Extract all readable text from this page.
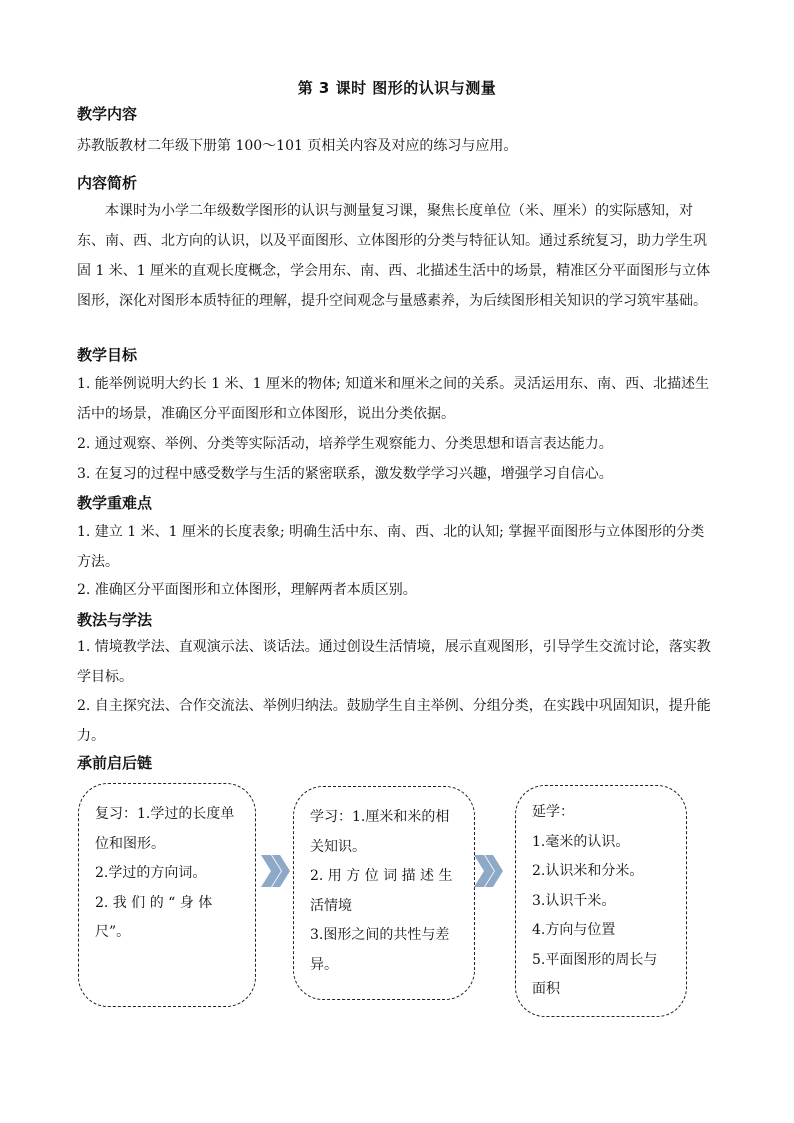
第 3 课时 图形的认识与测量
教学内容
苏教版教材二年级下册第 100～101 页相关内容及对应的练习与应用。
内容简析
本课时为小学二年级数学图形的认识与测量复习课，聚焦长度单位（米、厘米）的实际感知，对东、南、西、北方向的认识，以及平面图形、立体图形的分类与特征认知。通过系统复习，助力学生巩固 1 米、1 厘米的直观长度概念，学会用东、南、西、北描述生活中的场景，精准区分平面图形与立体图形，深化对图形本质特征的理解，提升空间观念与量感素养，为后续图形相关知识的学习筑牢基础。
教学目标
1. 能举例说明大约长 1 米、1 厘米的物体; 知道米和厘米之间的关系。灵活运用东、南、西、北描述生活中的场景，准确区分平面图形和立体图形，说出分类依据。
2. 通过观察、举例、分类等实际活动，培养学生观察能力、分类思想和语言表达能力。
3. 在复习的过程中感受数学与生活的紧密联系，激发数学学习兴趣，增强学习自信心。
教学重难点
1. 建立 1 米、1 厘米的长度表象; 明确生活中东、南、西、北的认知; 掌握平面图形与立体图形的分类方法。
2. 准确区分平面图形和立体图形，理解两者本质区别。
教法与学法
1. 情境教学法、直观演示法、谈话法。通过创设生活情境，展示直观图形，引导学生交流讨论，落实教学目标。
2. 自主探究法、合作交流法、举例归纳法。鼓励学生自主举例、分组分类，在实践中巩固知识，提升能力。
承前启后链
复习：1.学过的长度单位和图形。
2.学过的方向词。
2. 我 们 的 “ 身 体 尺”。
学习：1.厘米和米的相关知识。
2. 用 方 位 词 描 述 生活情境
3.图形之间的共性与差异。
延学：
1.毫米的认识。
2.认识米和分米。
3.认识千米。
4.方向与位置
5.平面图形的周长与面积
